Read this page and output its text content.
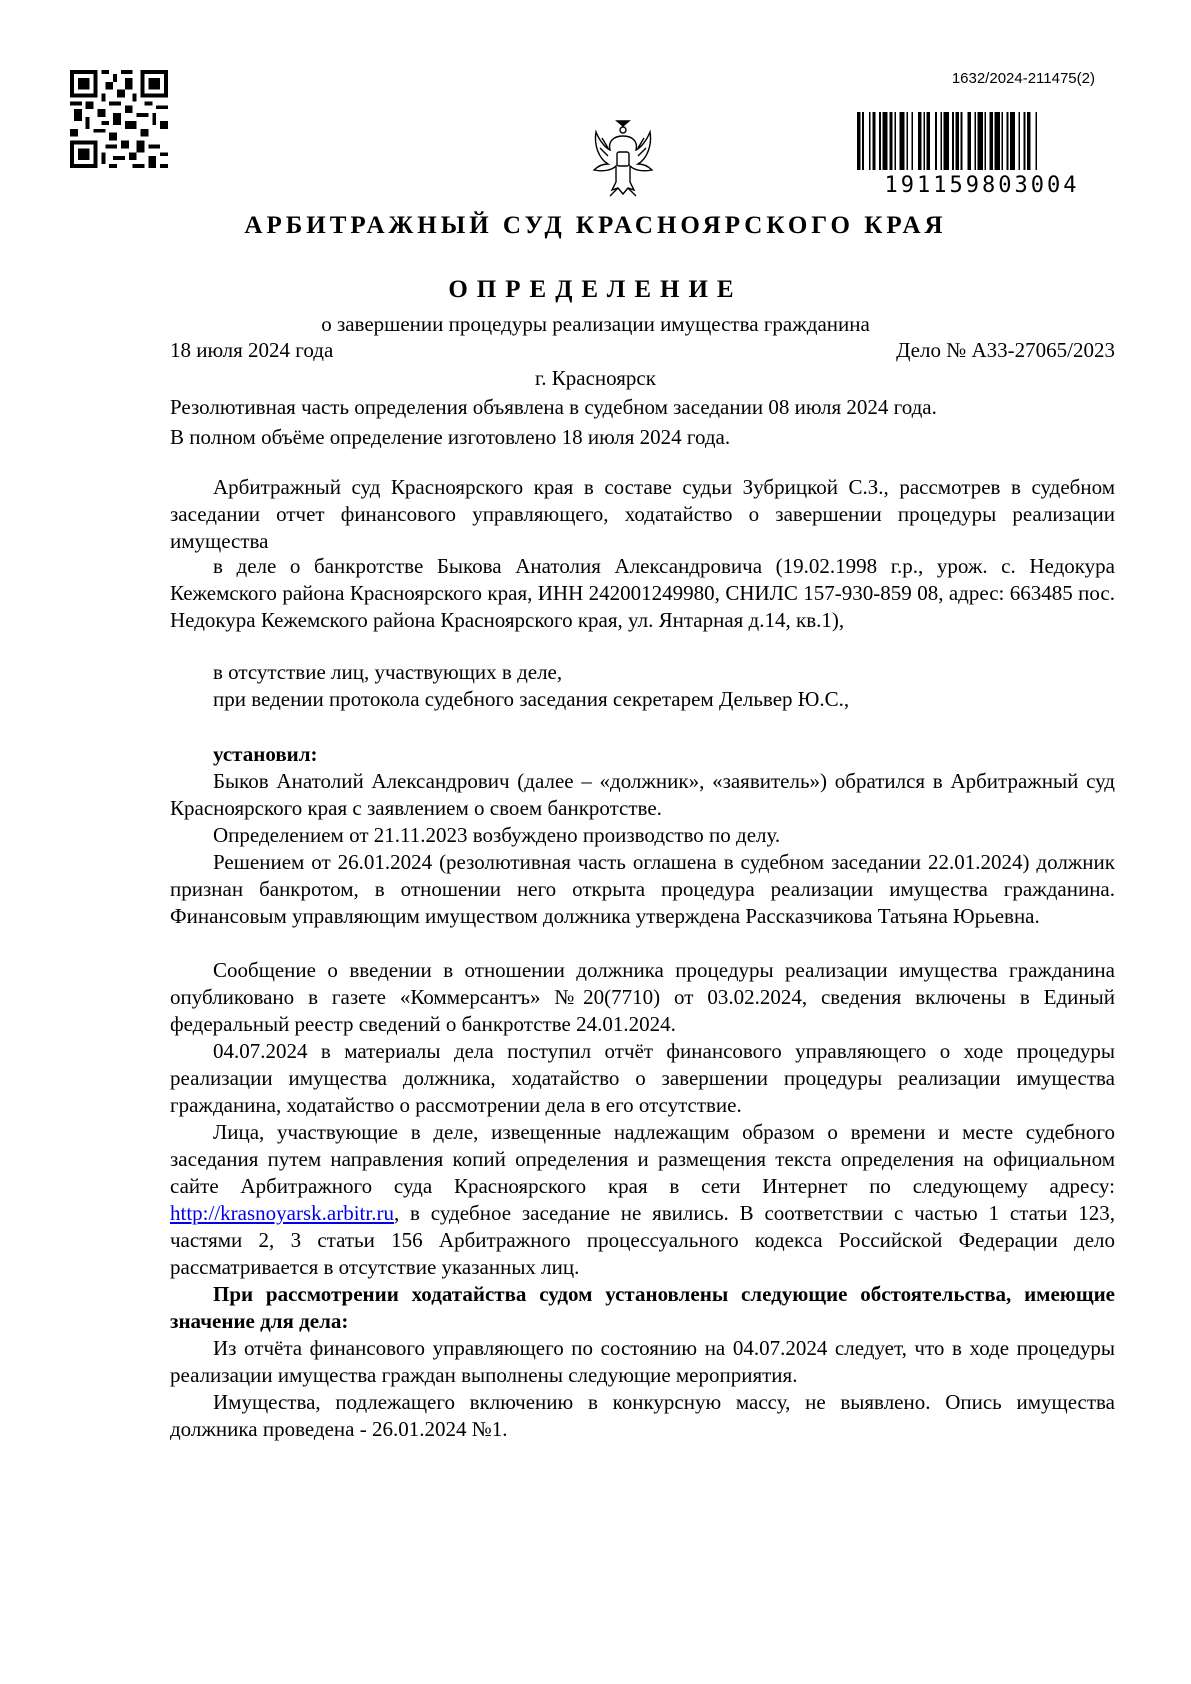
1632/2024-211475(2)
191159803004
АРБИТРАЖНЫЙ СУД КРАСНОЯРСКОГО КРАЯ
ОПРЕДЕЛЕНИЕ
о завершении процедуры реализации имущества гражданина
18 июля 2024 года	Дело № А33-27065/2023
г. Красноярск
Резолютивная часть определения объявлена в судебном заседании 08 июля 2024 года.
В полном объёме определение изготовлено 18 июля 2024 года.
Арбитражный суд Красноярского края в составе судьи Зубрицкой С.З., рассмотрев в судебном заседании отчет финансового управляющего, ходатайство о завершении процедуры реализации имущества
в деле о банкротстве Быкова Анатолия Александровича (19.02.1998 г.р., урож. с. Недокура Кежемского района Красноярского края, ИНН 242001249980, СНИЛС 157-930-859 08, адрес: 663485 пос. Недокура Кежемского района Красноярского края, ул. Янтарная д.14, кв.1),
в отсутствие лиц, участвующих в деле,
при ведении протокола судебного заседания секретарем Дельвер Ю.С.,
установил:
Быков Анатолий Александрович (далее – «должник», «заявитель») обратился в Арбитражный суд Красноярского края с заявлением о своем банкротстве.
Определением от 21.11.2023 возбуждено производство по делу.
Решением от 26.01.2024 (резолютивная часть оглашена в судебном заседании 22.01.2024) должник признан банкротом, в отношении него открыта процедура реализации имущества гражданина. Финансовым управляющим имуществом должника утверждена Рассказчикова Татьяна Юрьевна.
Сообщение о введении в отношении должника процедуры реализации имущества гражданина опубликовано в газете «Коммерсантъ» №20(7710) от 03.02.2024, сведения включены в Единый федеральный реестр сведений о банкротстве 24.01.2024.
04.07.2024 в материалы дела поступил отчёт финансового управляющего о ходе процедуры реализации имущества должника, ходатайство о завершении процедуры реализации имущества гражданина, ходатайство о рассмотрении дела в его отсутствие.
Лица, участвующие в деле, извещенные надлежащим образом о времени и месте судебного заседания путем направления копий определения и размещения текста определения на официальном сайте Арбитражного суда Красноярского края в сети Интернет по следующему адресу: http://krasnoyarsk.arbitr.ru, в судебное заседание не явились. В соответствии с частью 1 статьи 123, частями 2, 3 статьи 156 Арбитражного процессуального кодекса Российской Федерации дело рассматривается в отсутствие указанных лиц.
При рассмотрении ходатайства судом установлены следующие обстоятельства, имеющие значение для дела:
Из отчёта финансового управляющего по состоянию на 04.07.2024 следует, что в ходе процедуры реализации имущества граждан выполнены следующие мероприятия.
Имущества, подлежащего включению в конкурсную массу, не выявлено. Опись имущества должника проведена - 26.01.2024 №1.
